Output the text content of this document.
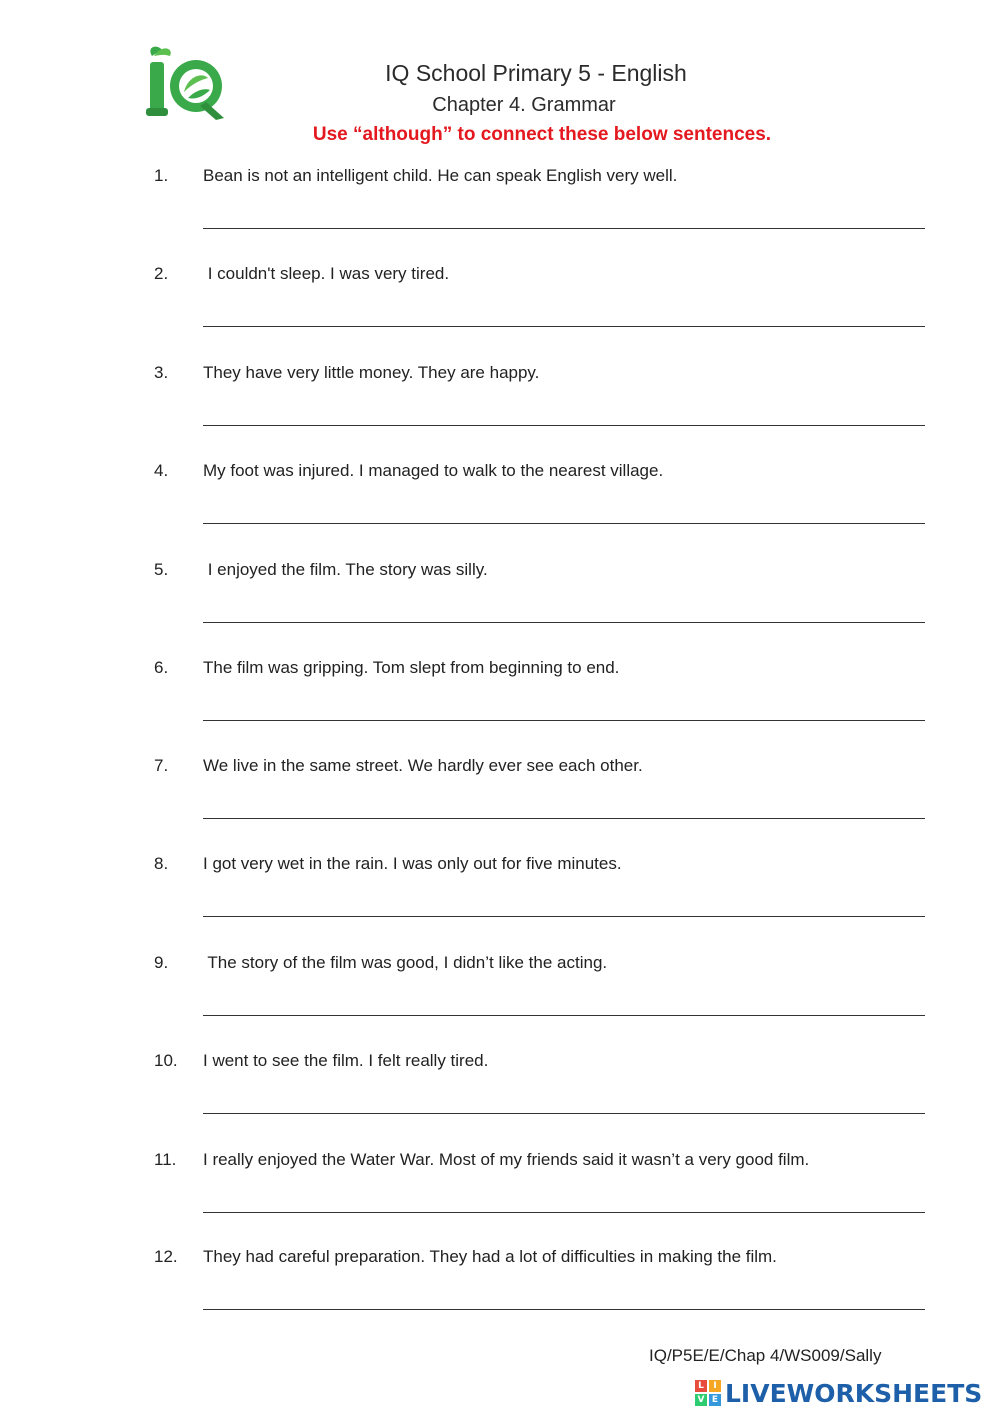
IQ School Primary 5 - English
Chapter 4. Grammar
Use “although” to connect these below sentences.
1. Bean is not an intelligent child. He can speak English very well.
2. I couldn't sleep. I was very tired.
3. They have very little money. They are happy.
4. My foot was injured. I managed to walk to the nearest village.
5. I enjoyed the film. The story was silly.
6. The film was gripping. Tom slept from beginning to end.
7. We live in the same street. We hardly ever see each other.
8. I got very wet in the rain. I was only out for five minutes.
9. The story of the film was good, I didn’t like the acting.
10. I went to see the film. I felt really tired.
11. I really enjoyed the Water War. Most of my friends said it wasn’t a very good film.
12. They had careful preparation. They had a lot of difficulties in making the film.
IQ/P5E/E/Chap 4/WS009/Sally
L	I
V E LIVEWORKSHEETS
